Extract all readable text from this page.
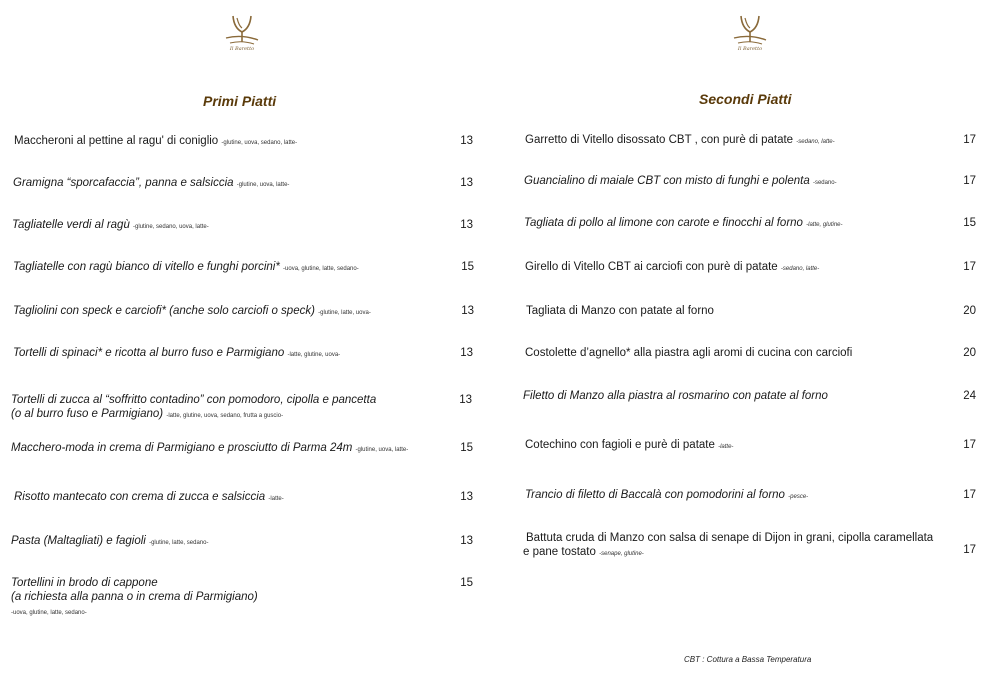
Il Baretto	Il Baretto
Primi Piatti	Secondi Piatti
Maccheroni al pettine al ragu' di coniglio -glutine, uova, sedano, latte-	13
Gramigna “sporcafaccia”, panna e salsiccia -glutine, uova, latte-	13
Tagliatelle verdi al ragù -glutine, sedano, uova, latte-	13
Tagliatelle con ragù bianco di vitello e funghi porcini* -uova, glutine, latte, sedano-	15
Tagliolini con speck e carciofi* (anche solo carciofi o speck) -glutine, latte, uova-	13
Tortelli di spinaci* e ricotta al burro fuso e Parmigiano -latte, glutine, uova-	13
Tortelli di zucca al “soffritto contadino” con pomodoro, cipolla e pancetta
(o al burro fuso e Parmigiano) -latte, glutine, uova, sedano, frutta a guscio-
13
Macchero-moda in crema di Parmigiano e prosciutto di Parma 24m -glutine, uova, latte-	15
Risotto mantecato con crema di zucca e salsiccia -latte-	13
Pasta (Maltagliati) e fagioli -glutine, latte, sedano-	13
Tortellini in brodo di cappone
(a richiesta alla panna o in crema di Parmigiano)
-uova, glutine, latte, sedano-
15
Garretto di Vitello disossato CBT , con purè di patate -sedano, latte-	17
Guancialino di maiale CBT con misto di funghi e polenta -sedano-	17
Tagliata di pollo al limone con carote e finocchi al forno -latte, glutine-	15
Girello di Vitello CBT ai carciofi con purè di patate -sedano, latte-	17
Tagliata di Manzo con patate al forno	20
Costolette d’agnello* alla piastra agli aromi di cucina con carciofi	20
Filetto di Manzo alla piastra al rosmarino con patate al forno	24
Cotechino con fagioli e purè di patate -latte-	17
Trancio di filetto di Baccalà con pomodorini al forno -pesce-	17
Battuta cruda di Manzo con salsa di senape di Dijon in grani, cipolla caramellata
e pane tostato -senape, glutine-	17
CBT : Cottura a Bassa Temperatura
